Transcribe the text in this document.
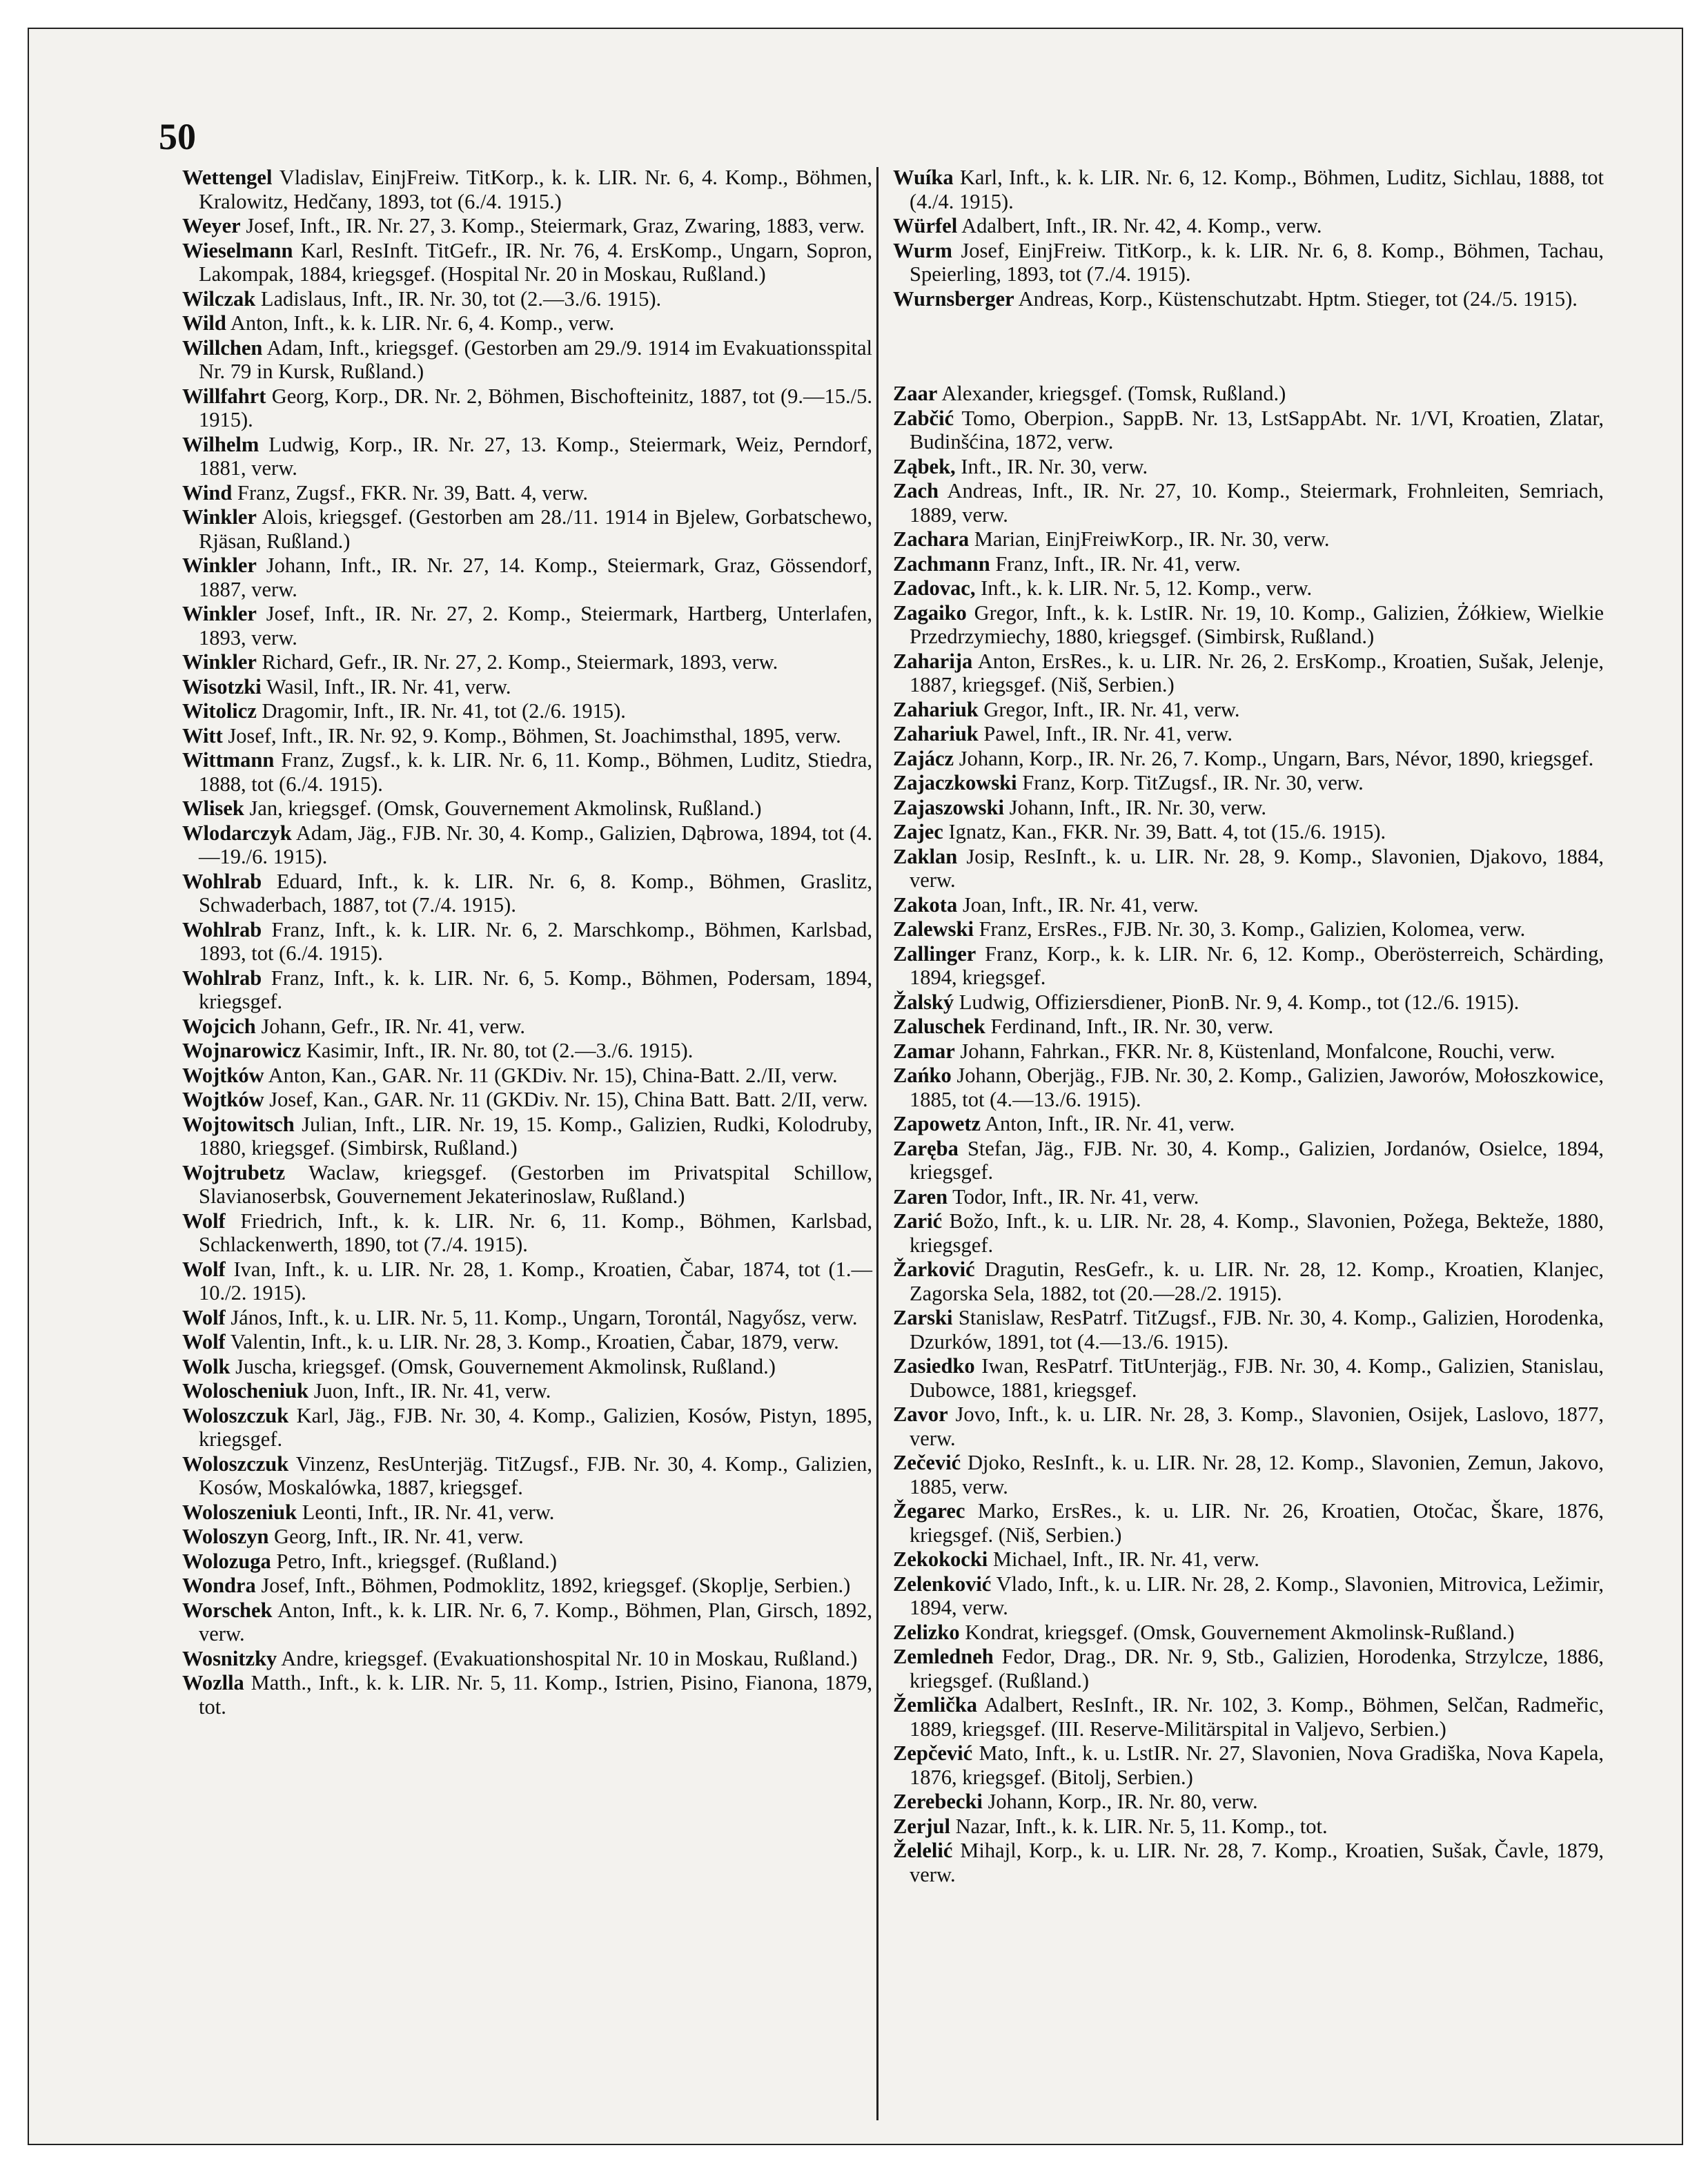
50
Wettengel Vladislav, EinjFreiw. TitKorp., k. k. LIR. Nr. 6, 4. Komp., Böhmen, Kralowitz, Hedčany, 1893, tot (6./4. 1915.)
Weyer Josef, Inft., IR. Nr. 27, 3. Komp., Steiermark, Graz, Zwaring, 1883, verw.
Wieselmann Karl, ResInft. TitGefr., IR. Nr. 76, 4. ErsKomp., Ungarn, Sopron, Lakompak, 1884, kriegsgef. (Hospital Nr. 20 in Moskau, Rußland.)
Wilczak Ladislaus, Inft., IR. Nr. 30, tot (2.—3./6. 1915).
Wild Anton, Inft., k. k. LIR. Nr. 6, 4. Komp., verw.
Willchen Adam, Inft., kriegsgef. (Gestorben am 29./9. 1914 im Evakuationsspital Nr. 79 in Kursk, Rußland.)
Willfahrt Georg, Korp., DR. Nr. 2, Böhmen, Bischofteinitz, 1887, tot (9.—15./5. 1915).
Wilhelm Ludwig, Korp., IR. Nr. 27, 13. Komp., Steiermark, Weiz, Perndorf, 1881, verw.
Wind Franz, Zugsf., FKR. Nr. 39, Batt. 4, verw.
Winkler Alois, kriegsgef. (Gestorben am 28./11. 1914 in Bjelew, Gorbatschewo, Rjäsan, Rußland.)
Winkler Johann, Inft., IR. Nr. 27, 14. Komp., Steiermark, Graz, Gössendorf, 1887, verw.
Winkler Josef, Inft., IR. Nr. 27, 2. Komp., Steiermark, Hartberg, Unterlafen, 1893, verw.
Winkler Richard, Gefr., IR. Nr. 27, 2. Komp., Steiermark, 1893, verw.
Wisotzki Wasil, Inft., IR. Nr. 41, verw.
Witolicz Dragomir, Inft., IR. Nr. 41, tot (2./6. 1915).
Witt Josef, Inft., IR. Nr. 92, 9. Komp., Böhmen, St. Joachimsthal, 1895, verw.
Wittmann Franz, Zugsf., k. k. LIR. Nr. 6, 11. Komp., Böhmen, Luditz, Stiedra, 1888, tot (6./4. 1915).
Wlisek Jan, kriegsgef. (Omsk, Gouvernement Akmolinsk, Rußland.)
Wlodarczyk Adam, Jäg., FJB. Nr. 30, 4. Komp., Galizien, Dąbrowa, 1894, tot (4.—19./6. 1915).
Wohlrab Eduard, Inft., k. k. LIR. Nr. 6, 8. Komp., Böhmen, Graslitz, Schwaderbach, 1887, tot (7./4. 1915).
Wohlrab Franz, Inft., k. k. LIR. Nr. 6, 2. Marschkomp., Böhmen, Karlsbad, 1893, tot (6./4. 1915).
Wohlrab Franz, Inft., k. k. LIR. Nr. 6, 5. Komp., Böhmen, Podersam, 1894, kriegsgef.
Wojcich Johann, Gefr., IR. Nr. 41, verw.
Wojnarowicz Kasimir, Inft., IR. Nr. 80, tot (2.—3./6. 1915).
Wojtków Anton, Kan., GAR. Nr. 11 (GKDiv. Nr. 15), China-Batt. 2./II, verw.
Wojtków Josef, Kan., GAR. Nr. 11 (GKDiv. Nr. 15), China Batt. Batt. 2/II, verw.
Wojtowitsch Julian, Inft., LIR. Nr. 19, 15. Komp., Galizien, Rudki, Kolodruby, 1880, kriegsgef. (Simbirsk, Rußland.)
Wojtrubetz Waclaw, kriegsgef. (Gestorben im Privatspital Schillow, Slavianoserbsk, Gouvernement Jekaterinoslaw, Rußland.)
Wolf Friedrich, Inft., k. k. LIR. Nr. 6, 11. Komp., Böhmen, Karlsbad, Schlackenwerth, 1890, tot (7./4. 1915).
Wolf Ivan, Inft., k. u. LIR. Nr. 28, 1. Komp., Kroatien, Čabar, 1874, tot (1.—10./2. 1915).
Wolf János, Inft., k. u. LIR. Nr. 5, 11. Komp., Ungarn, Torontál, Nagyősz, verw.
Wolf Valentin, Inft., k. u. LIR. Nr. 28, 3. Komp., Kroatien, Čabar, 1879, verw.
Wolk Juscha, kriegsgef. (Omsk, Gouvernement Akmolinsk, Rußland.)
Woloscheniuk Juon, Inft., IR. Nr. 41, verw.
Woloszczuk Karl, Jäg., FJB. Nr. 30, 4. Komp., Galizien, Kosów, Pistyn, 1895, kriegsgef.
Woloszczuk Vinzenz, ResUnterjäg. TitZugsf., FJB. Nr. 30, 4. Komp., Galizien, Kosów, Moskalówka, 1887, kriegsgef.
Woloszeniuk Leonti, Inft., IR. Nr. 41, verw.
Woloszyn Georg, Inft., IR. Nr. 41, verw.
Wolozuga Petro, Inft., kriegsgef. (Rußland.)
Wondra Josef, Inft., Böhmen, Podmoklitz, 1892, kriegsgef. (Skoplje, Serbien.)
Worschek Anton, Inft., k. k. LIR. Nr. 6, 7. Komp., Böhmen, Plan, Girsch, 1892, verw.
Wosnitzky Andre, kriegsgef. (Evakuationshospital Nr. 10 in Moskau, Rußland.)
Wozlla Matth., Inft., k. k. LIR. Nr. 5, 11. Komp., Istrien, Pisino, Fianona, 1879, tot.
Wuíka Karl, Inft., k. k. LIR. Nr. 6, 12. Komp., Böhmen, Luditz, Sichlau, 1888, tot (4./4. 1915).
Würfel Adalbert, Inft., IR. Nr. 42, 4. Komp., verw.
Wurm Josef, EinjFreiw. TitKorp., k. k. LIR. Nr. 6, 8. Komp., Böhmen, Tachau, Speierling, 1893, tot (7./4. 1915).
Wurnsberger Andreas, Korp., Küstenschutzabt. Hptm. Stieger, tot (24./5. 1915).
Zaar Alexander, kriegsgef. (Tomsk, Rußland.)
Zabčić Tomo, Oberpion., SappB. Nr. 13, LstSappAbt. Nr. 1/VI, Kroatien, Zlatar, Budinšćina, 1872, verw.
Ząbek, Inft., IR. Nr. 30, verw.
Zach Andreas, Inft., IR. Nr. 27, 10. Komp., Steiermark, Frohnleiten, Semriach, 1889, verw.
Zachara Marian, EinjFreiwKorp., IR. Nr. 30, verw.
Zachmann Franz, Inft., IR. Nr. 41, verw.
Zadovac, Inft., k. k. LIR. Nr. 5, 12. Komp., verw.
Zagaiko Gregor, Inft., k. k. LstIR. Nr. 19, 10. Komp., Galizien, Żółkiew, Wielkie Przedrzymiechy, 1880, kriegsgef. (Simbirsk, Rußland.)
Zaharija Anton, ErsRes., k. u. LIR. Nr. 26, 2. ErsKomp., Kroatien, Sušak, Jelenje, 1887, kriegsgef. (Niš, Serbien.)
Zahariuk Gregor, Inft., IR. Nr. 41, verw.
Zahariuk Pawel, Inft., IR. Nr. 41, verw.
Zajácz Johann, Korp., IR. Nr. 26, 7. Komp., Ungarn, Bars, Névor, 1890, kriegsgef.
Zajaczkowski Franz, Korp. TitZugsf., IR. Nr. 30, verw.
Zajaszowski Johann, Inft., IR. Nr. 30, verw.
Zajec Ignatz, Kan., FKR. Nr. 39, Batt. 4, tot (15./6. 1915).
Zaklan Josip, ResInft., k. u. LIR. Nr. 28, 9. Komp., Slavonien, Djakovo, 1884, verw.
Zakota Joan, Inft., IR. Nr. 41, verw.
Zalewski Franz, ErsRes., FJB. Nr. 30, 3. Komp., Galizien, Kolomea, verw.
Zallinger Franz, Korp., k. k. LIR. Nr. 6, 12. Komp., Oberösterreich, Schärding, 1894, kriegsgef.
Žalský Ludwig, Offiziersdiener, PionB. Nr. 9, 4. Komp., tot (12./6. 1915).
Zaluschek Ferdinand, Inft., IR. Nr. 30, verw.
Zamar Johann, Fahrkan., FKR. Nr. 8, Küstenland, Monfalcone, Rouchi, verw.
Zańko Johann, Oberjäg., FJB. Nr. 30, 2. Komp., Galizien, Jaworów, Mołoszkowice, 1885, tot (4.—13./6. 1915).
Zapowetz Anton, Inft., IR. Nr. 41, verw.
Zaręba Stefan, Jäg., FJB. Nr. 30, 4. Komp., Galizien, Jordanów, Osielce, 1894, kriegsgef.
Zaren Todor, Inft., IR. Nr. 41, verw.
Zarić Božo, Inft., k. u. LIR. Nr. 28, 4. Komp., Slavonien, Požega, Bekteže, 1880, kriegsgef.
Žarković Dragutin, ResGefr., k. u. LIR. Nr. 28, 12. Komp., Kroatien, Klanjec, Zagorska Sela, 1882, tot (20.—28./2. 1915).
Zarski Stanislaw, ResPatrf. TitZugsf., FJB. Nr. 30, 4. Komp., Galizien, Horodenka, Dzurków, 1891, tot (4.—13./6. 1915).
Zasiedko Iwan, ResPatrf. TitUnterjäg., FJB. Nr. 30, 4. Komp., Galizien, Stanislau, Dubowce, 1881, kriegsgef.
Zavor Jovo, Inft., k. u. LIR. Nr. 28, 3. Komp., Slavonien, Osijek, Laslovo, 1877, verw.
Zečević Djoko, ResInft., k. u. LIR. Nr. 28, 12. Komp., Slavonien, Zemun, Jakovo, 1885, verw.
Žegarec Marko, ErsRes., k. u. LIR. Nr. 26, Kroatien, Otočac, Škare, 1876, kriegsgef. (Niš, Serbien.)
Zekokocki Michael, Inft., IR. Nr. 41, verw.
Zelenković Vlado, Inft., k. u. LIR. Nr. 28, 2. Komp., Slavonien, Mitrovica, Ležimir, 1894, verw.
Zelizko Kondrat, kriegsgef. (Omsk, Gouvernement Akmolinsk-Rußland.)
Zemledneh Fedor, Drag., DR. Nr. 9, Stb., Galizien, Horodenka, Strzylcze, 1886, kriegsgef. (Rußland.)
Žemlička Adalbert, ResInft., IR. Nr. 102, 3. Komp., Böhmen, Selčan, Radmeřic, 1889, kriegsgef. (III. Reserve-Militärspital in Valjevo, Serbien.)
Zepčević Mato, Inft., k. u. LstIR. Nr. 27, Slavonien, Nova Gradiška, Nova Kapela, 1876, kriegsgef. (Bitolj, Serbien.)
Zerebecki Johann, Korp., IR. Nr. 80, verw.
Zerjul Nazar, Inft., k. k. LIR. Nr. 5, 11. Komp., tot.
Želelić Mihajl, Korp., k. u. LIR. Nr. 28, 7. Komp., Kroatien, Sušak, Čavle, 1879, verw.
